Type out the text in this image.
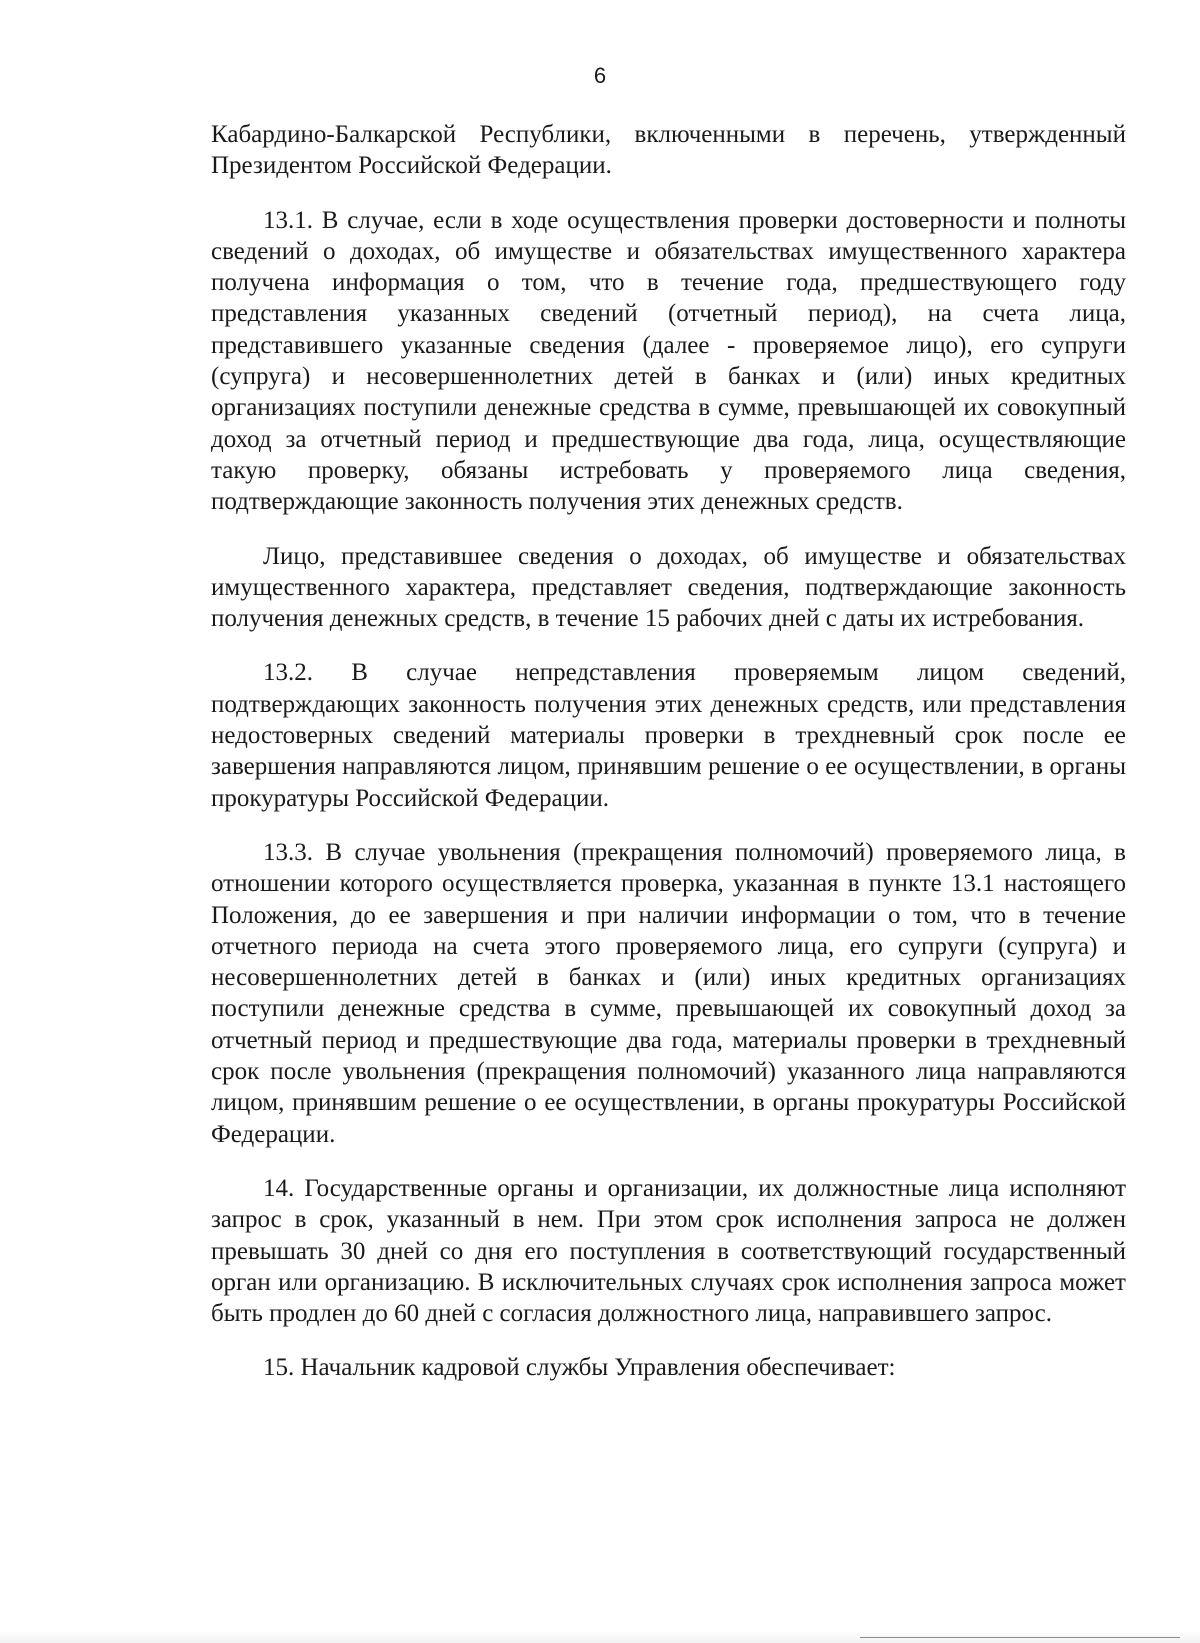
6

Кабардино-Балкарской Республики, включенными в перечень, утвержденный Президентом Российской Федерации.

13.1. В случае, если в ходе осуществления проверки достоверности и полноты сведений о доходах, об имуществе и обязательствах имущественного характера получена информация о том, что в течение года, предшествующего году представления указанных сведений (отчетный период), на счета лица, представившего указанные сведения (далее - проверяемое лицо), его супруги (супруга) и несовершеннолетних детей в банках и (или) иных кредитных организациях поступили денежные средства в сумме, превышающей их совокупный доход за отчетный период и предшествующие два года, лица, осуществляющие такую проверку, обязаны истребовать у проверяемого лица сведения, подтверждающие законность получения этих денежных средств.

Лицо, представившее сведения о доходах, об имуществе и обязательствах имущественного характера, представляет сведения, подтверждающие законность получения денежных средств, в течение 15 рабочих дней с даты их истребования.

13.2. В случае непредставления проверяемым лицом сведений, подтверждающих законность получения этих денежных средств, или представления недостоверных сведений материалы проверки в трехдневный срок после ее завершения направляются лицом, принявшим решение о ее осуществлении, в органы прокуратуры Российской Федерации.

13.3. В случае увольнения (прекращения полномочий) проверяемого лица, в отношении которого осуществляется проверка, указанная в пункте 13.1 настоящего Положения, до ее завершения и при наличии информации о том, что в течение отчетного периода на счета этого проверяемого лица, его супруги (супруга) и несовершеннолетних детей в банках и (или) иных кредитных организациях поступили денежные средства в сумме, превышающей их совокупный доход за отчетный период и предшествующие два года, материалы проверки в трехдневный срок после увольнения (прекращения полномочий) указанного лица направляются лицом, принявшим решение о ее осуществлении, в органы прокуратуры Российской Федерации.

14. Государственные органы и организации, их должностные лица исполняют запрос в срок, указанный в нем. При этом срок исполнения запроса не должен превышать 30 дней со дня его поступления в соответствующий государственный орган или организацию. В исключительных случаях срок исполнения запроса может быть продлен до 60 дней с согласия должностного лица, направившего запрос.

15. Начальник кадровой службы Управления обеспечивает:
